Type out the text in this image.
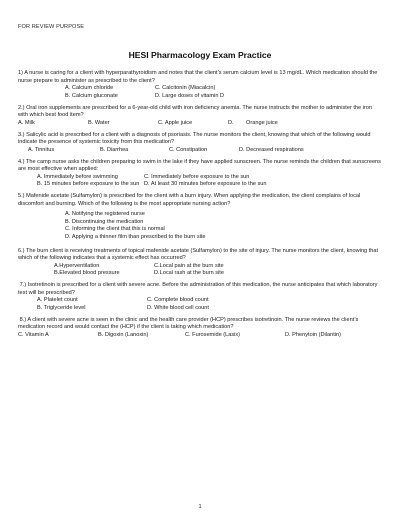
FOR REVIEW PURPOSE
HESI Pharmacology Exam Practice

1) A nurse is caring for a client with hyperparathyroidism and notes that the client’s serum calcium level is 13 mg/dL. Which medication should the nurse prepare to administer as prescribed to the client?

A. Calcium chloride	C. Calcitonin (Miacalcin)
B. Calcium gluconate	D. Large doses of vitamin D

2.) Oral iron supplements are prescribed for a 6-year-old child with iron deficiency anemia. The nurse instructs the mother to administer the iron with which best food item?

A. Milk	B. Water	C. Apple juice	D.        Orange juice

3.) Salicylic acid is prescribed for a client with a diagnosis of psoriasis. The nurse monitors the client, knowing that which of the following would indicate the presence of systemic toxicity from this medication?

A. Tinnitus	B. Diarrhea	C. Constipation	D. Decreased respirations

4.) The camp nurse asks the children preparing to swim in the lake if they have applied sunscreen. The nurse reminds the children that sunscreens are most effective when applied:

A. Immediately before swimming	C. Immediately before exposure to the sun
B. 15 minutes before exposure to the sun D. At least 30 minutes before exposure to the sun

5.) Mafenide acetate (Sulfamylon) is prescribed for the client with a burn injury. When applying the medication, the client complains of local discomfort and burning. Which of the following is the most appropriate nursing action?

A. Notifying the registered nurse
B. Discontinuing the medication
C. Informing the client that this is normal
D. Applying a thinner film than prescribed to the burn site

6.) The burn client is receiving treatments of topical mafenide acetate (Sulfamylon) to the site of injury. The nurse monitors the client, knowing that which of the following indicates that a systemic effect has occurred?

A.Hyperventilation	C.Local pain at the burn site
B.Elevated blood pressure	D.Local rash at the burn site

7.) Isotretinoin is prescribed for a client with severe acne. Before the administration of this medication, the nurse anticipates that which laboratory test will be prescribed?

A. Platelet count	C. Complete blood count
B. Triglyceride level	D. White blood cell count

8.) A client with severe acne is seen in the clinic and the health care provider (HCP) prescribes isotretinoin. The nurse reviews the client’s medication record and would contact the (HCP) if the client is taking which medication?

C. Vitamin A	B. Digoxin (Lanoxin)	C. Furosemide (Lasix)	D. Phenytoin (Dilantin)
1
